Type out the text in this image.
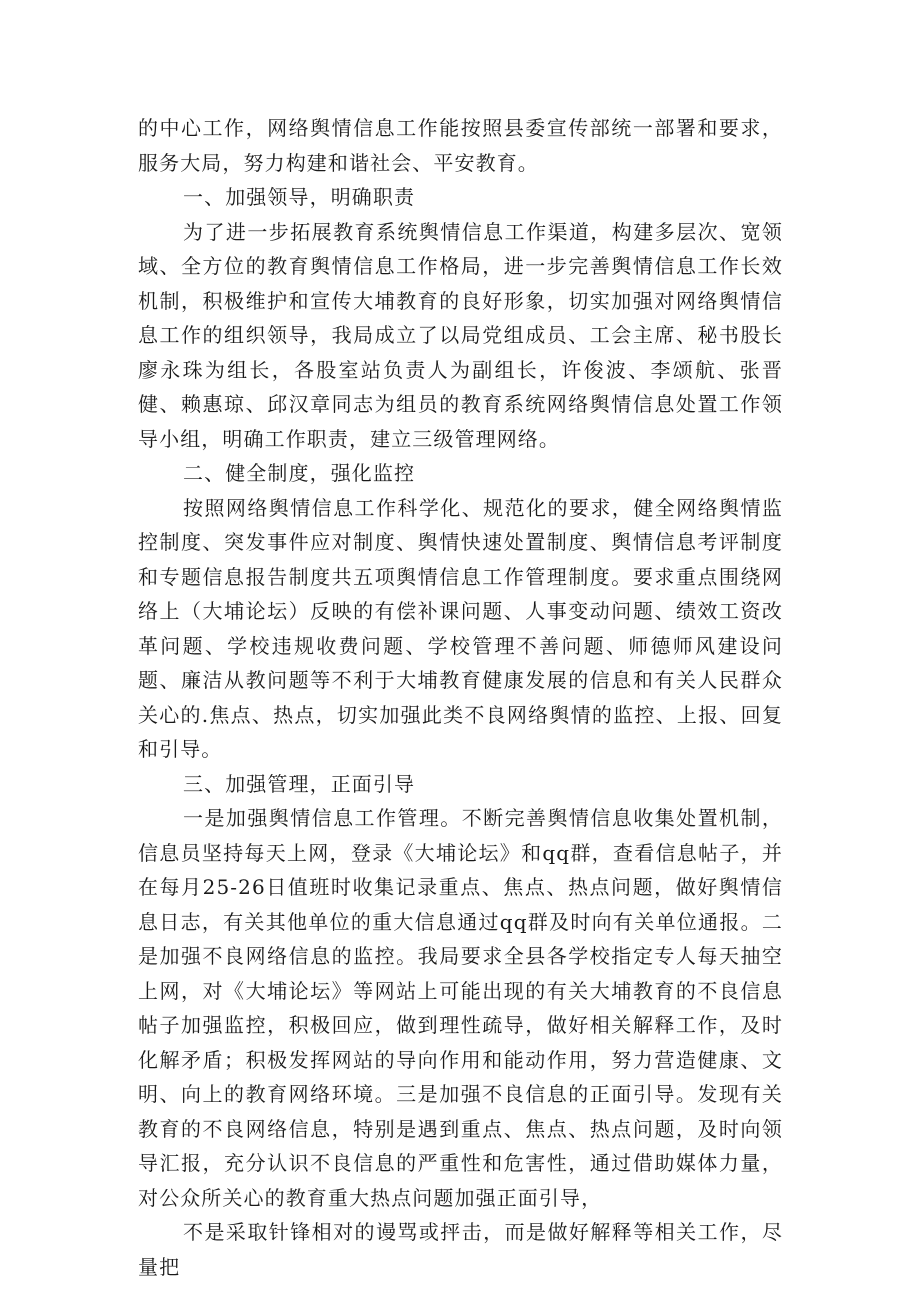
的中心工作，网络舆情信息工作能按照县委宣传部统一部署和要求，服务大局，努力构建和谐社会、平安教育。

一、加强领导，明确职责

为了进一步拓展教育系统舆情信息工作渠道，构建多层次、宽领域、全方位的教育舆情信息工作格局，进一步完善舆情信息工作长效机制，积极维护和宣传大埔教育的良好形象，切实加强对网络舆情信息工作的组织领导，我局成立了以局党组成员、工会主席、秘书股长廖永珠为组长，各股室站负责人为副组长，许俊波、李颂航、张晋健、赖惠琼、邱汉章同志为组员的教育系统网络舆情信息处置工作领导小组，明确工作职责，建立三级管理网络。

二、健全制度，强化监控

按照网络舆情信息工作科学化、规范化的要求，健全网络舆情监控制度、突发事件应对制度、舆情快速处置制度、舆情信息考评制度和专题信息报告制度共五项舆情信息工作管理制度。要求重点围绕网络上（大埔论坛）反映的有偿补课问题、人事变动问题、绩效工资改革问题、学校违规收费问题、学校管理不善问题、师德师风建设问题、廉洁从教问题等不利于大埔教育健康发展的信息和有关人民群众关心的.焦点、热点，切实加强此类不良网络舆情的监控、上报、回复和引导。

三、加强管理，正面引导

一是加强舆情信息工作管理。不断完善舆情信息收集处置机制，信息员坚持每天上网，登录《大埔论坛》和qq群，查看信息帖子，并在每月25-26日值班时收集记录重点、焦点、热点问题，做好舆情信息日志，有关其他单位的重大信息通过qq群及时向有关单位通报。二是加强不良网络信息的监控。我局要求全县各学校指定专人每天抽空上网，对《大埔论坛》等网站上可能出现的有关大埔教育的不良信息帖子加强监控，积极回应，做到理性疏导，做好相关解释工作，及时化解矛盾；积极发挥网站的导向作用和能动作用，努力营造健康、文明、向上的教育网络环境。三是加强不良信息的正面引导。发现有关教育的不良网络信息，特别是遇到重点、焦点、热点问题，及时向领导汇报，充分认识不良信息的严重性和危害性，通过借助媒体力量，对公众所关心的教育重大热点问题加强正面引导，

不是采取针锋相对的谩骂或抨击，而是做好解释等相关工作，尽量把
